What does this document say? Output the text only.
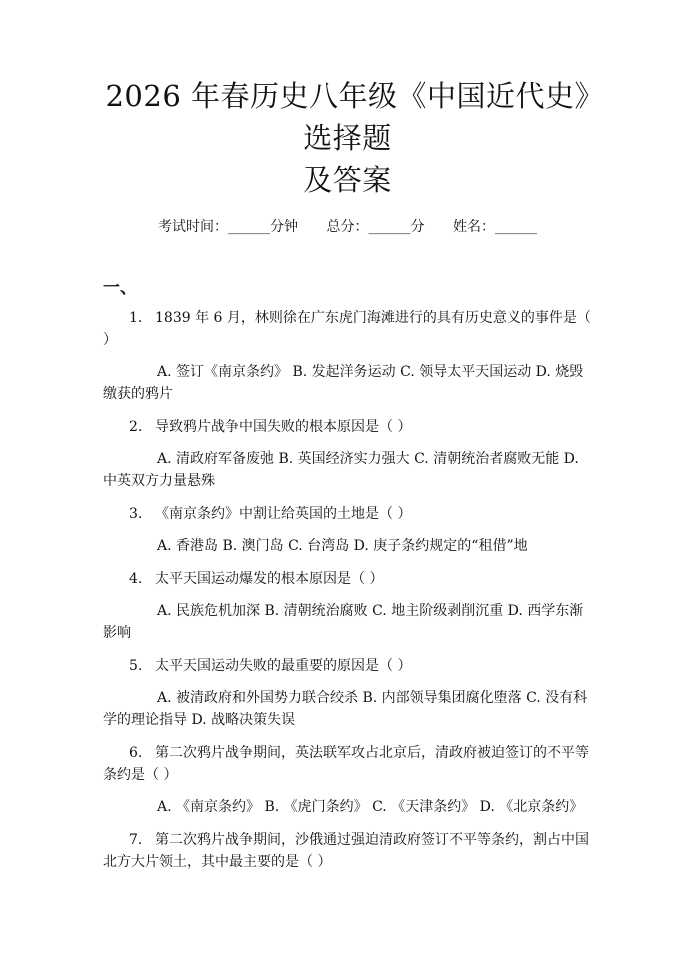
2026 年春历史八年级《中国近代史》选择题
及答案
考试时间：______分钟 总分：______分 姓名：______
一、
1. 1839 年 6 月，林则徐在广东虎门海滩进行的具有历史意义的事件是（ ）
A. 签订《南京条约》 B. 发起洋务运动 C. 领导太平天国运动 D. 烧毁缴获的鸦片
2. 导致鸦片战争中国失败的根本原因是（ ）
A. 清政府军备废弛 B. 英国经济实力强大 C. 清朝统治者腐败无能 D. 中英双方力量悬殊
3. 《南京条约》中割让给英国的土地是（ ）
A. 香港岛 B. 澳门岛 C. 台湾岛 D. 庚子条约规定的“租借”地
4. 太平天国运动爆发的根本原因是（ ）
A. 民族危机加深 B. 清朝统治腐败 C. 地主阶级剥削沉重 D. 西学东渐影响
5. 太平天国运动失败的最重要的原因是（ ）
A. 被清政府和外国势力联合绞杀 B. 内部领导集团腐化堕落 C. 没有科学的理论指导 D. 战略决策失误
6. 第二次鸦片战争期间，英法联军攻占北京后，清政府被迫签订的不平等条约是（ ）
A. 《南京条约》 B. 《虎门条约》 C. 《天津条约》 D. 《北京条约》
7. 第二次鸦片战争期间，沙俄通过强迫清政府签订不平等条约，割占中国北方大片领土，其中最主要的是（ ）
